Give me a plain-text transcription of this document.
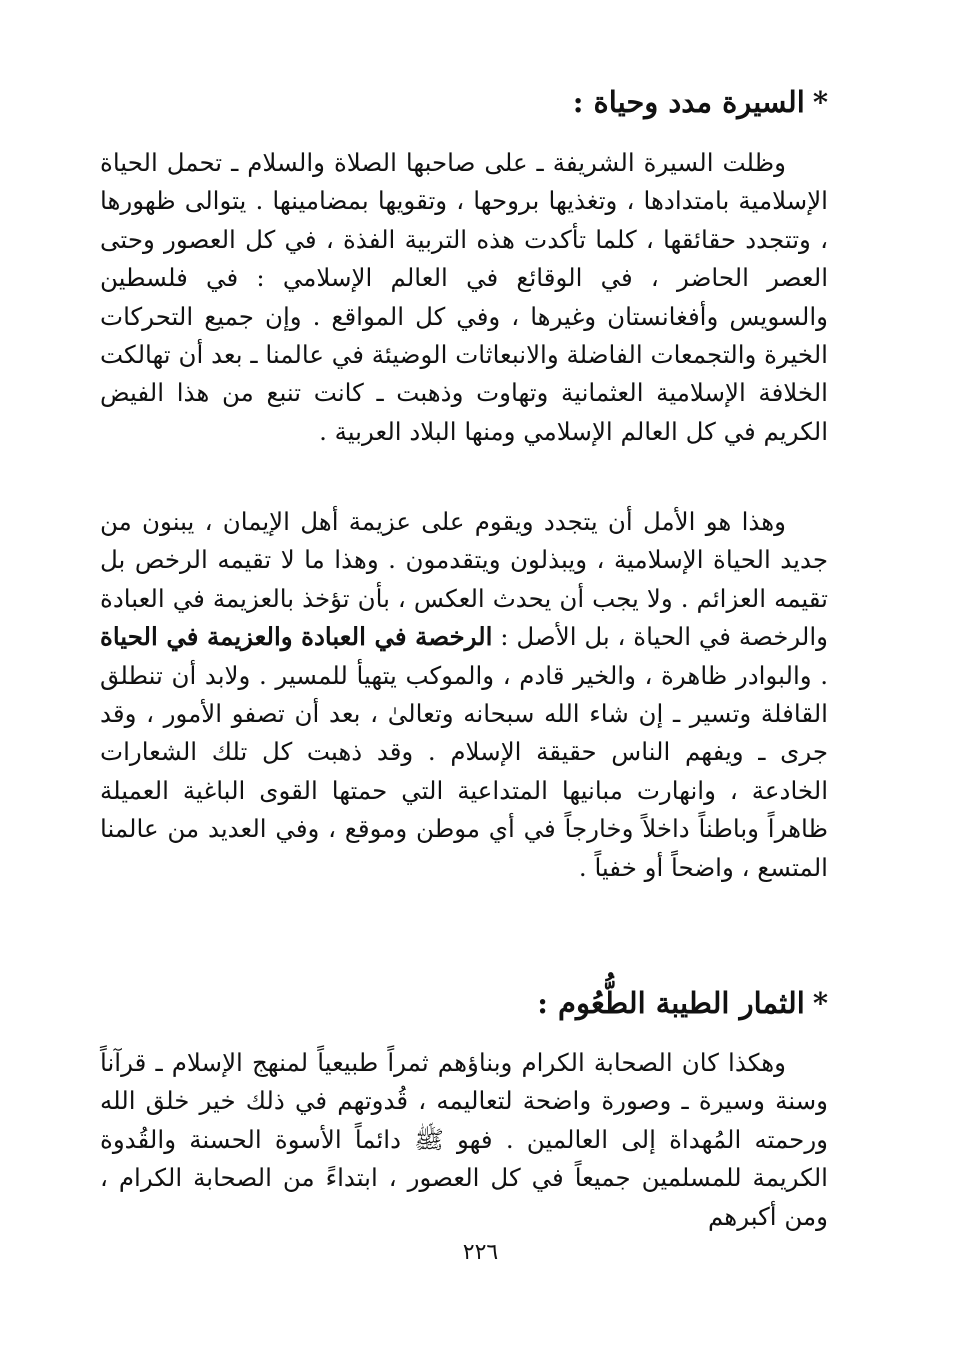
*السيرة مدد وحياة :

وظلت السيرة الشريفة ـ على صاحبها الصلاة والسلام ـ تحمل الحياة الإسلامية بامتدادها ، وتغذيها بروحها ، وتقويها بمضامينها . يتوالى ظهورها ، وتتجدد حقائقها ، كلما تأكدت هذه التربية الفذة ، في كل العصور وحتى العصر الحاضر ، في الوقائع في العالم الإسلامي : في فلسطين والسويس وأفغانستان وغيرها ، وفي كل المواقع . وإن جميع التحركات الخيرة والتجمعات الفاضلة والانبعاثات الوضيئة في عالمنا ـ بعد أن تهالكت الخلافة الإسلامية العثمانية وتهاوت وذهبت ـ كانت تنبع من هذا الفيض الكريم في كل العالم الإسلامي ومنها البلاد العربية .

وهذا هو الأمل أن يتجدد ويقوم على عزيمة أهل الإيمان ، يبنون من جديد الحياة الإسلامية ، ويبذلون ويتقدمون . وهذا ما لا تقيمه الرخص بل تقيمه العزائم . ولا يجب أن يحدث العكس ، بأن تؤخذ بالعزيمة في العبادة والرخصة في الحياة ، بل الأصل : الرخصة في العبادة والعزيمة في الحياة . والبوادر ظاهرة ، والخير قادم ، والموكب يتهيأ للمسير . ولابد أن تنطلق القافلة وتسير ـ إن شاء الله سبحانه وتعالىٰ ، بعد أن تصفو الأمور ، وقد جرى ـ ويفهم الناس حقيقة الإسلام . وقد ذهبت كل تلك الشعارات الخادعة ، وانهارت مبانيها المتداعية التي حمتها القوى الباغية العميلة ظاهراً وباطناً داخلاً وخارجاً في أي موطن وموقع ، وفي العديد من عالمنا المتسع ، واضحاً أو خفياً .

*الثمار الطيبة الطُّعُوم :

وهكذا كان الصحابة الكرام وبناؤهم ثمراً طبيعياً لمنهج الإسلام ـ قرآناً وسنة وسيرة ـ وصورة واضحة لتعاليمه ، قُدوتهم في ذلك خير خلق الله ورحمته المُهداة إلى العالمين . فهو ﷺ دائماً الأسوة الحسنة والقُدوة الكريمة للمسلمين جميعاً في كل العصور ، ابتداءً من الصحابة الكرام ، ومن أكبرهم

٢٢٦
